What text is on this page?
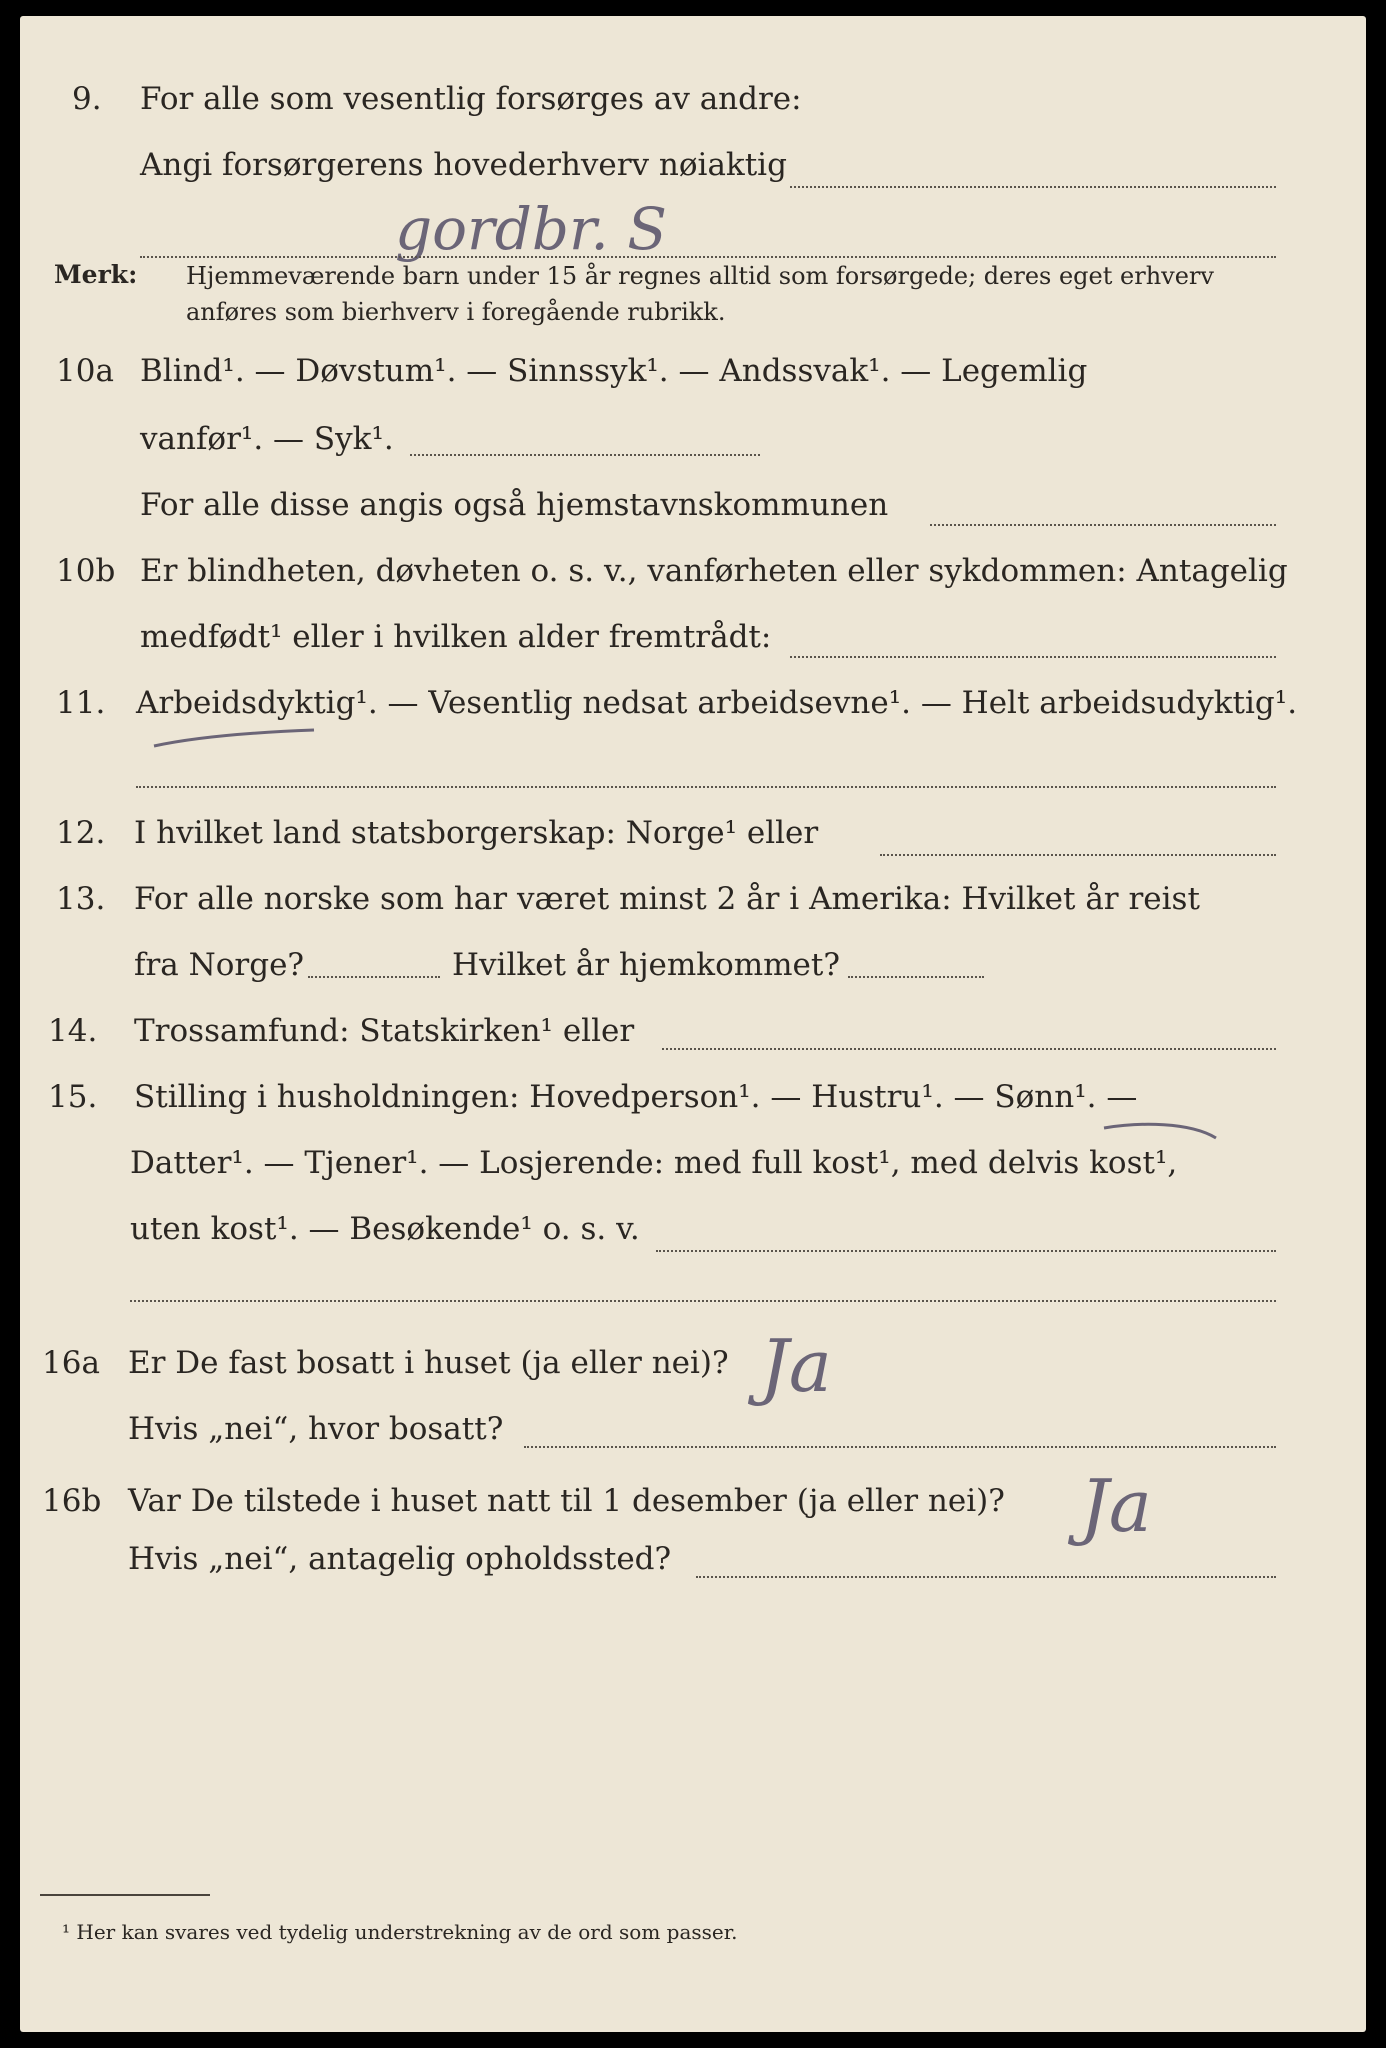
9. For alle som vesentlig forsørges av andre:
Angi forsørgerens hovederhverv nøiaktig
gordbr. S
Merk: Hjemmeværende barn under 15 år regnes alltid som forsørgede; deres eget erhverv
anføres som bierhverv i foregående rubrikk.
10a Blind¹. — Døvstum¹. — Sinnssyk¹. — Andssvak¹. — Legemlig
vanfør¹. — Syk¹.
For alle disse angis også hjemstavnskommunen
10b Er blindheten, døvheten o. s. v., vanførheten eller sykdommen: Antagelig
medfødt¹ eller i hvilken alder fremtrådt:
11. Arbeidsdyktig¹. — Vesentlig nedsat arbeidsevne¹. — Helt arbeidsudyktig¹.
12. I hvilket land statsborgerskap: Norge¹ eller
13. For alle norske som har været minst 2 år i Amerika: Hvilket år reist
fra Norge?	Hvilket år hjemkommet?
14. Trossamfund: Statskirken¹ eller
15. Stilling i husholdningen: Hovedperson¹. — Hustru¹. — Sønn¹. —
Datter¹. — Tjener¹. — Losjerende: med full kost¹, med delvis kost¹,
uten kost¹. — Besøkende¹ o. s. v.
16a Er De fast bosatt i huset (ja eller nei)? Ja
Hvis „nei“, hvor bosatt?
16b Var De tilstede i huset natt til 1 desember (ja eller nei)? Ja
Hvis „nei“, antagelig opholdssted?
¹ Her kan svares ved tydelig understrekning av de ord som passer.
